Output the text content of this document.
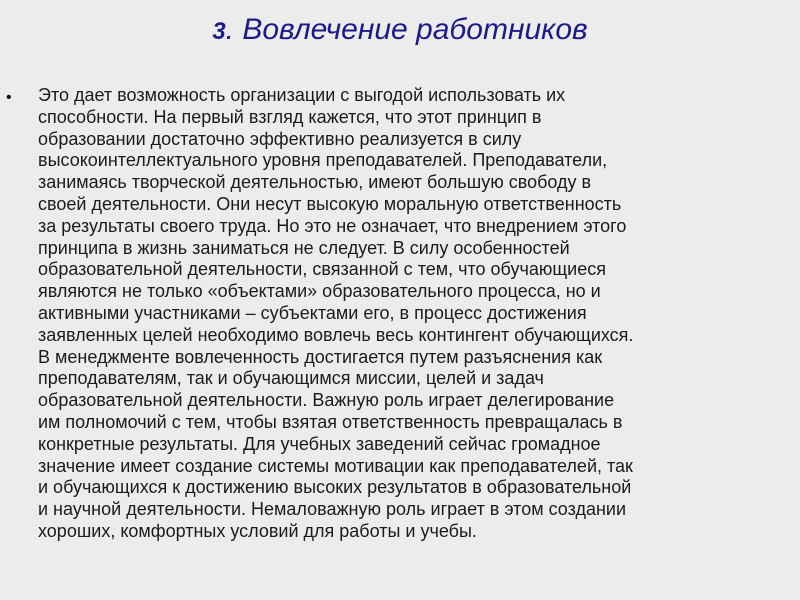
3. Вовлечение работников
• Это дает возможность организации с выгодой использовать их
способности. На первый взгляд кажется, что этот принцип в
образовании достаточно эффективно реализуется в силу
высокоинтеллектуального уровня преподавателей. Преподаватели,
занимаясь творческой деятельностью, имеют большую свободу в
своей деятельности. Они несут высокую моральную ответственность
за результаты своего труда. Но это не означает, что внедрением этого
принципа в жизнь заниматься не следует. В силу особенностей
образовательной деятельности, связанной с тем, что обучающиеся
являются не только «объектами» образовательного процесса, но и
активными участниками – субъектами его, в процесс достижения
заявленных целей необходимо вовлечь весь контингент обучающихся.
В менеджменте вовлеченность достигается путем разъяснения как
преподавателям, так и обучающимся миссии, целей и задач
образовательной деятельности. Важную роль играет делегирование
им полномочий с тем, чтобы взятая ответственность превращалась в
конкретные результаты. Для учебных заведений сейчас громадное
значение имеет создание системы мотивации как преподавателей, так
и обучающихся к достижению высоких результатов в образовательной
и научной деятельности. Немаловажную роль играет в этом создании
хороших, комфортных условий для работы и учебы.
